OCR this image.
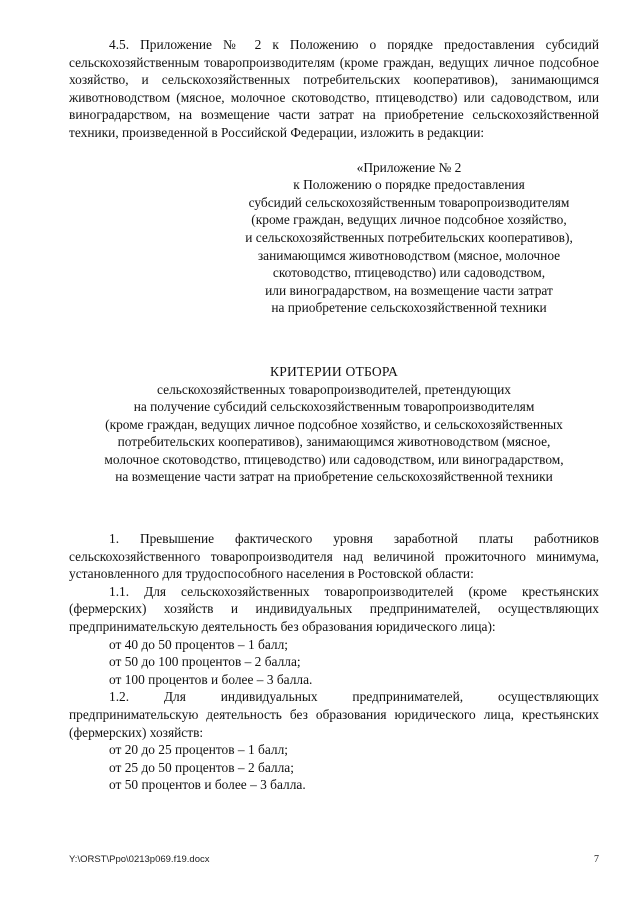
4.5. Приложение № 2 к Положению о порядке предоставления субсидий сельскохозяйственным товаропроизводителям (кроме граждан, ведущих личное подсобное хозяйство, и сельскохозяйственных потребительских кооперативов), занимающимся животноводством (мясное, молочное скотоводство, птицеводство) или садоводством, или виноградарством, на возмещение части затрат на приобретение сельскохозяйственной техники, произведенной в Российской Федерации, изложить в редакции:

«Приложение № 2
к Положению о порядке предоставления
субсидий сельскохозяйственным товаропроизводителям
(кроме граждан, ведущих личное подсобное хозяйство,
и сельскохозяйственных потребительских кооперативов),
занимающимся животноводством (мясное, молочное
скотоводство, птицеводство) или садоводством,
или виноградарством, на возмещение части затрат
на приобретение сельскохозяйственной техники
КРИТЕРИИ ОТБОРА
сельскохозяйственных товаропроизводителей, претендующих
на получение субсидий сельскохозяйственным товаропроизводителям
(кроме граждан, ведущих личное подсобное хозяйство, и сельскохозяйственных
потребительских кооперативов), занимающимся животноводством (мясное,
молочное скотоводство, птицеводство) или садоводством, или виноградарством,
на возмещение части затрат на приобретение сельскохозяйственной техники

1. Превышение фактического уровня заработной платы работников сельскохозяйственного товаропроизводителя над величиной прожиточного минимума, установленного для трудоспособного населения в Ростовской области:

1.1. Для сельскохозяйственных товаропроизводителей (кроме крестьянских (фермерских) хозяйств и индивидуальных предпринимателей, осуществляющих предпринимательскую деятельность без образования юридического лица):

от 40 до 50 процентов – 1 балл;

от 50 до 100 процентов – 2 балла;

от 100 процентов и более – 3 балла.

1.2. Для индивидуальных предпринимателей, осуществляющих предпринимательскую деятельность без образования юридического лица, крестьянских (фермерских) хозяйств:

от 20 до 25 процентов – 1 балл;

от 25 до 50 процентов – 2 балла;

от 50 процентов и более – 3 балла.

Y:\ORST\Ppo\0213p069.f19.docx	7
